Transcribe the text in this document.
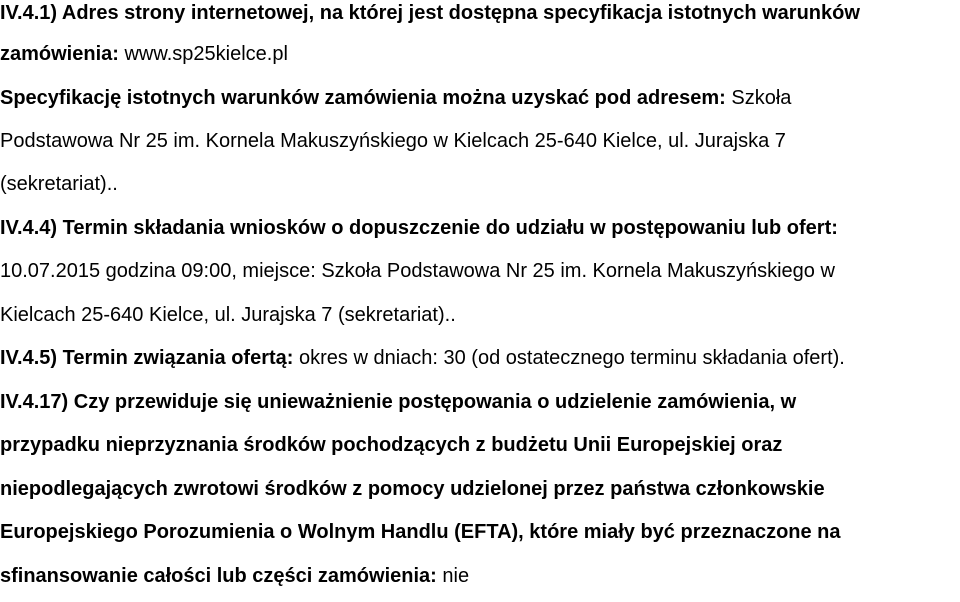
IV.4.1) Adres strony internetowej, na której jest dostępna specyfikacja istotnych warunków

zamówienia: www.sp25kielce.pl

Specyfikację istotnych warunków zamówienia można uzyskać pod adresem: Szkoła

Podstawowa Nr 25 im. Kornela Makuszyńskiego w Kielcach 25-640 Kielce, ul. Jurajska 7

(sekretariat)..

IV.4.4) Termin składania wniosków o dopuszczenie do udziału w postępowaniu lub ofert:

10.07.2015 godzina 09:00, miejsce: Szkoła Podstawowa Nr 25 im. Kornela Makuszyńskiego w

Kielcach 25-640 Kielce, ul. Jurajska 7 (sekretariat)..

IV.4.5) Termin związania ofertą: okres w dniach: 30 (od ostatecznego terminu składania ofert).

IV.4.17) Czy przewiduje się unieważnienie postępowania o udzielenie zamówienia, w

przypadku nieprzyznania środków pochodzących z budżetu Unii Europejskiej oraz

niepodlegających zwrotowi środków z pomocy udzielonej przez państwa członkowskie

Europejskiego Porozumienia o Wolnym Handlu (EFTA), które miały być przeznaczone na

sfinansowanie całości lub części zamówienia: nie
